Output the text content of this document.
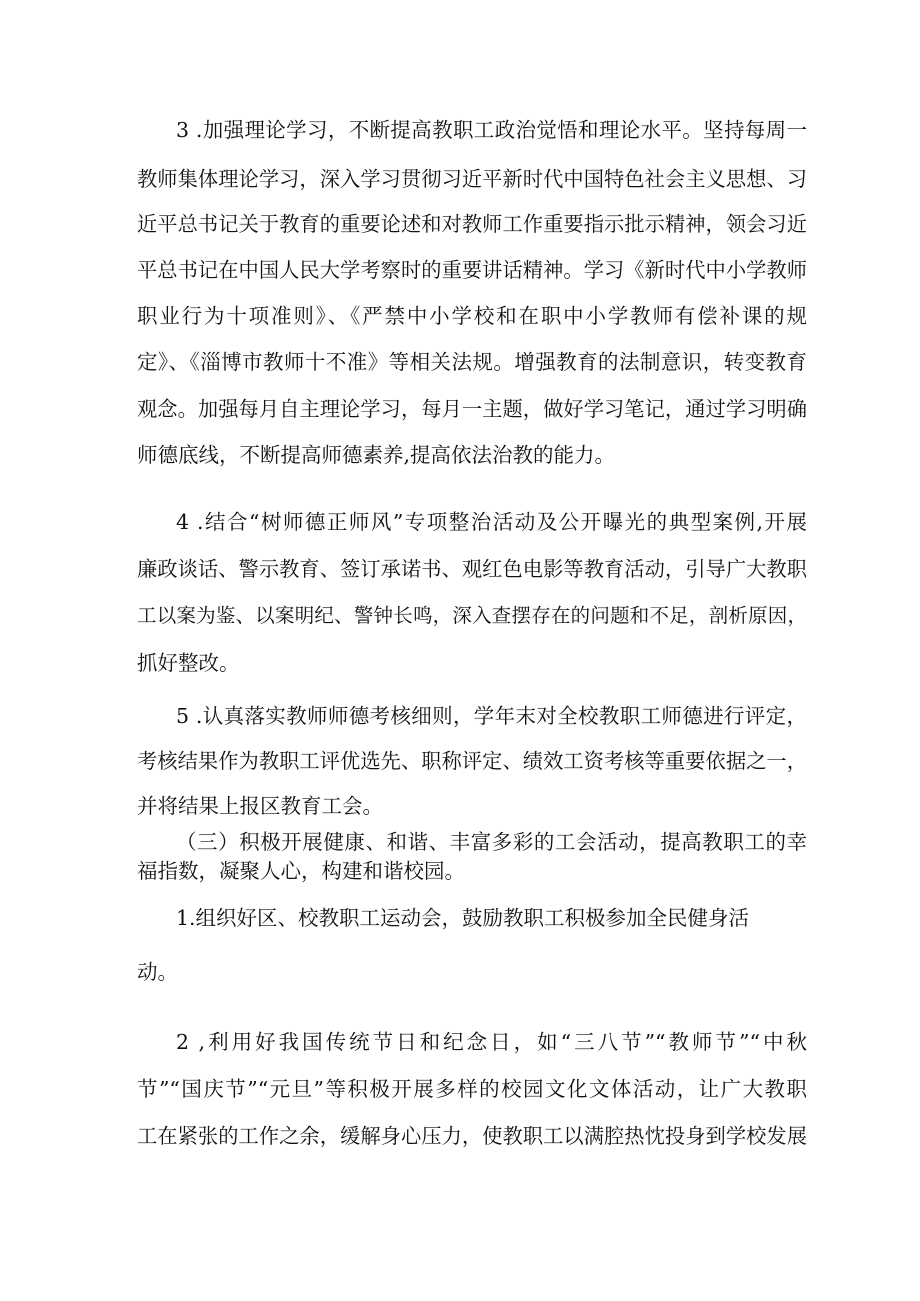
3 .加强理论学习，不断提高教职工政治觉悟和理论水平。坚持每周一
教师集体理论学习，深入学习贯彻习近平新时代中国特色社会主义思想、习
近平总书记关于教育的重要论述和对教师工作重要指示批示精神，领会习近
平总书记在中国人民大学考察时的重要讲话精神。学习《新时代中小学教师
职业行为十项准则》、《严禁中小学校和在职中小学教师有偿补课的规
定》、《淄博市教师十不准》等相关法规。增强教育的法制意识，转变教育
观念。加强每月自主理论学习，每月一主题，做好学习笔记，通过学习明确
师德底线，不断提高师德素养,提高依法治教的能力。
4 .结合“树师德正师风”专项整治活动及公开曝光的典型案例,开展
廉政谈话、警示教育、签订承诺书、观红色电影等教育活动，引导广大教职
工以案为鉴、以案明纪、警钟长鸣，深入查摆存在的问题和不足，剖析原因，
抓好整改。
5 .认真落实教师师德考核细则，学年末对全校教职工师德进行评定，
考核结果作为教职工评优选先、职称评定、绩效工资考核等重要依据之一，
并将结果上报区教育工会。
（三）积极开展健康、和谐、丰富多彩的工会活动，提高教职工的幸
福指数，凝聚人心，构建和谐校园。
1.组织好区、校教职工运动会，鼓励教职工积极参加全民健身活
动。
2 ,利用好我国传统节日和纪念日，如“三八节”“教师节”“中秋
节”“国庆节”“元旦”等积极开展多样的校园文化文体活动，让广大教职
工在紧张的工作之余，缓解身心压力，使教职工以满腔热忱投身到学校发展
